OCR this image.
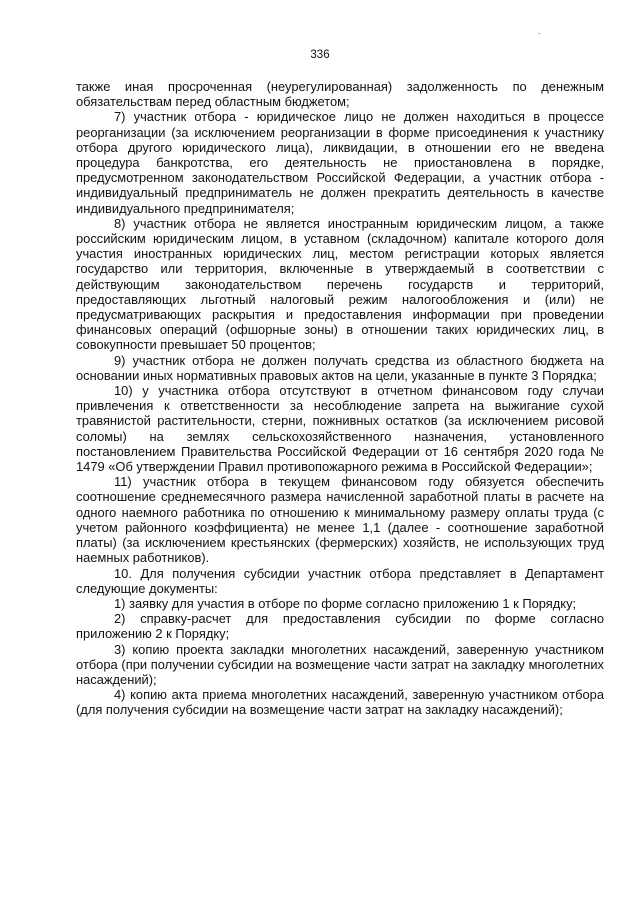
.
336

также иная просроченная (неурегулированная) задолженность по денежным обязательствам перед областным бюджетом;

7) участник отбора - юридическое лицо не должен находиться в процессе реорганизации (за исключением реорганизации в форме присоединения к участнику отбора другого юридического лица), ликвидации, в отношении его не введена процедура банкротства, его деятельность не приостановлена в порядке, предусмотренном законодательством Российской Федерации, а участник отбора - индивидуальный предприниматель не должен прекратить деятельность в качестве индивидуального предпринимателя;

8) участник отбора не является иностранным юридическим лицом, а также российским юридическим лицом, в уставном (складочном) капитале которого доля участия иностранных юридических лиц, местом регистрации которых является государство или территория, включенные в утверждаемый в соответствии с действующим законодательством перечень государств и территорий, предоставляющих льготный налоговый режим налогообложения и (или) не предусматривающих раскрытия и предоставления информации при проведении финансовых операций (офшорные зоны) в отношении таких юридических лиц, в совокупности превышает 50 процентов;

9) участник отбора не должен получать средства из областного бюджета на основании иных нормативных правовых актов на цели, указанные в пункте 3 Порядка;

10) у участника отбора отсутствуют в отчетном финансовом году случаи привлечения к ответственности за несоблюдение запрета на выжигание сухой травянистой растительности, стерни, пожнивных остатков (за исключением рисовой соломы) на землях сельскохозяйственного назначения, установленного постановлением Правительства Российской Федерации от 16 сентября 2020 года № 1479 «Об утверждении Правил противопожарного режима в Российской Федерации»;

11) участник отбора в текущем финансовом году обязуется обеспечить соотношение среднемесячного размера начисленной заработной платы в расчете на одного наемного работника по отношению к минимальному размеру оплаты труда (с учетом районного коэффициента) не менее 1,1 (далее - соотношение заработной платы) (за исключением крестьянских (фермерских) хозяйств, не использующих труд наемных работников).

10. Для получения субсидии участник отбора представляет в Департамент следующие документы:

1) заявку для участия в отборе по форме согласно приложению 1 к Порядку;

2) справку-расчет для предоставления субсидии по форме согласно приложению 2 к Порядку;

3) копию проекта закладки многолетних насаждений, заверенную участником отбора (при получении субсидии на возмещение части затрат на закладку многолетних насаждений);

4) копию акта приема многолетних насаждений, заверенную участником отбора (для получения субсидии на возмещение части затрат на закладку насаждений);
